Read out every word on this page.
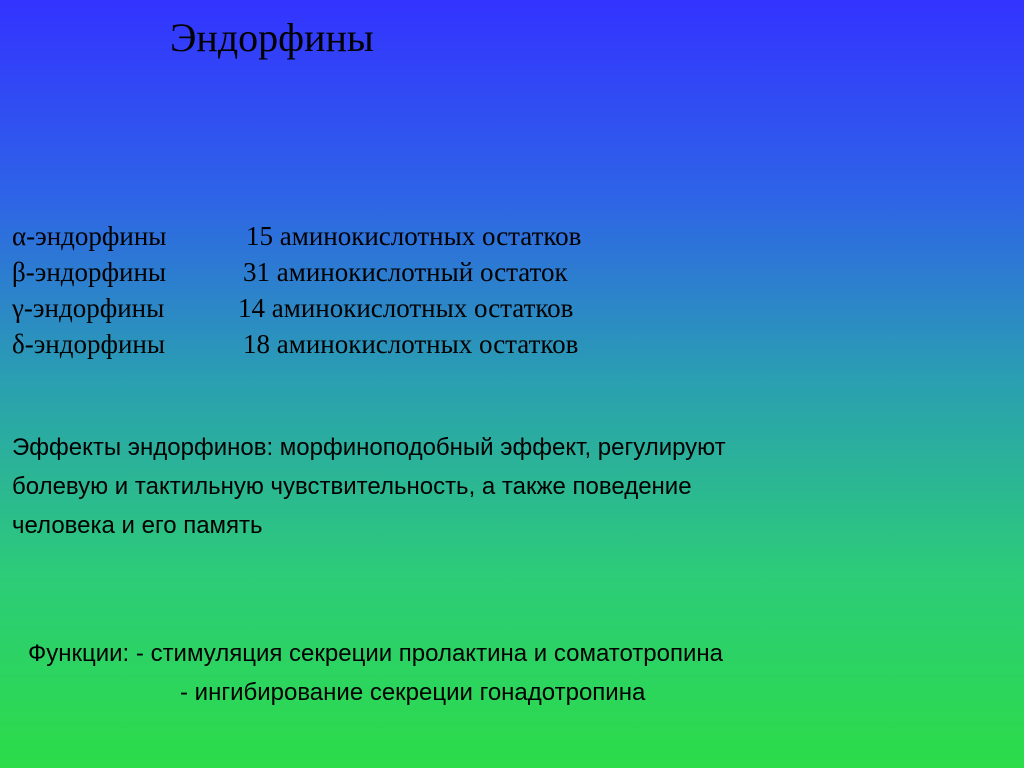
Эндорфины
α-эндорфины	15 аминокислотных остатков
β-эндорфины	31 аминокислотный остаток
γ-эндорфины	14 аминокислотных остатков
δ-эндорфины	18 аминокислотных остатков
Эффекты эндорфинов: морфиноподобный эффект, регулируют
болевую и тактильную чувствительность, а также поведение
человека и его память
Функции: - стимуляция секреции пролактина и соматотропина
- ингибирование секреции гонадотропина
